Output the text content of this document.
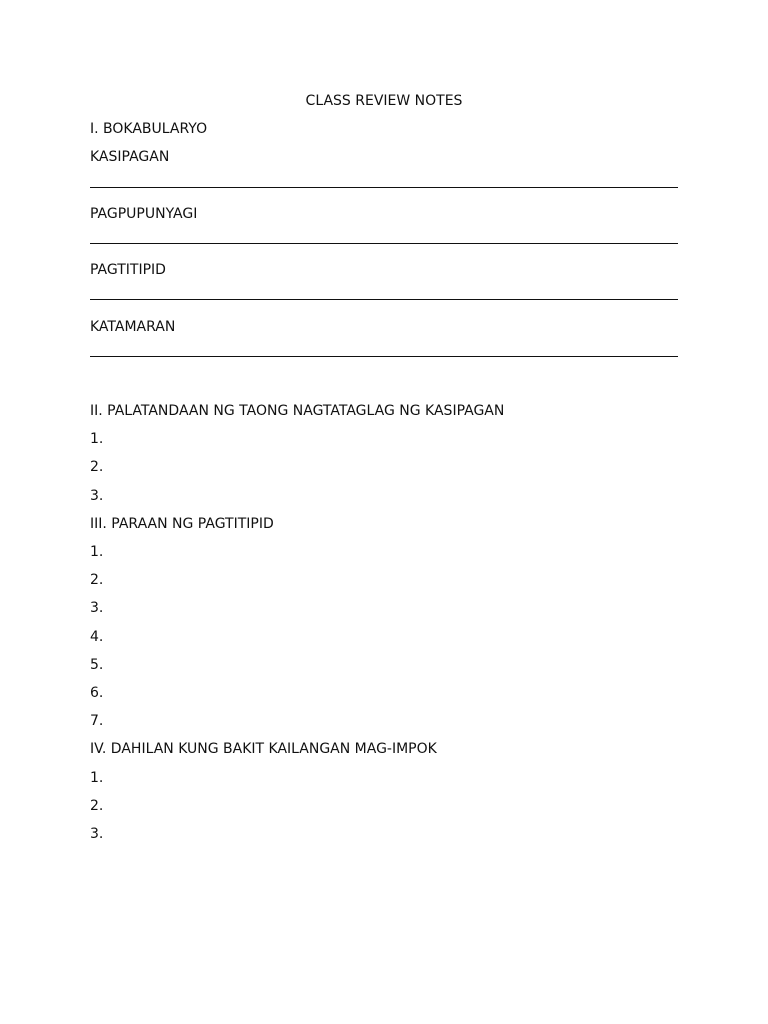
CLASS REVIEW NOTES
I. BOKABULARYO
KASIPAGAN
PAGPUPUNYAGI
PAGTITIPID
KATAMARAN
II. PALATANDAAN NG TAONG NAGTATAGLAG NG KASIPAGAN
1.
2.
3.
III. PARAAN NG PAGTITIPID
1.
2.
3.
4.
5.
6.
7.
IV. DAHILAN KUNG BAKIT KAILANGAN MAG-IMPOK
1.
2.
3.
